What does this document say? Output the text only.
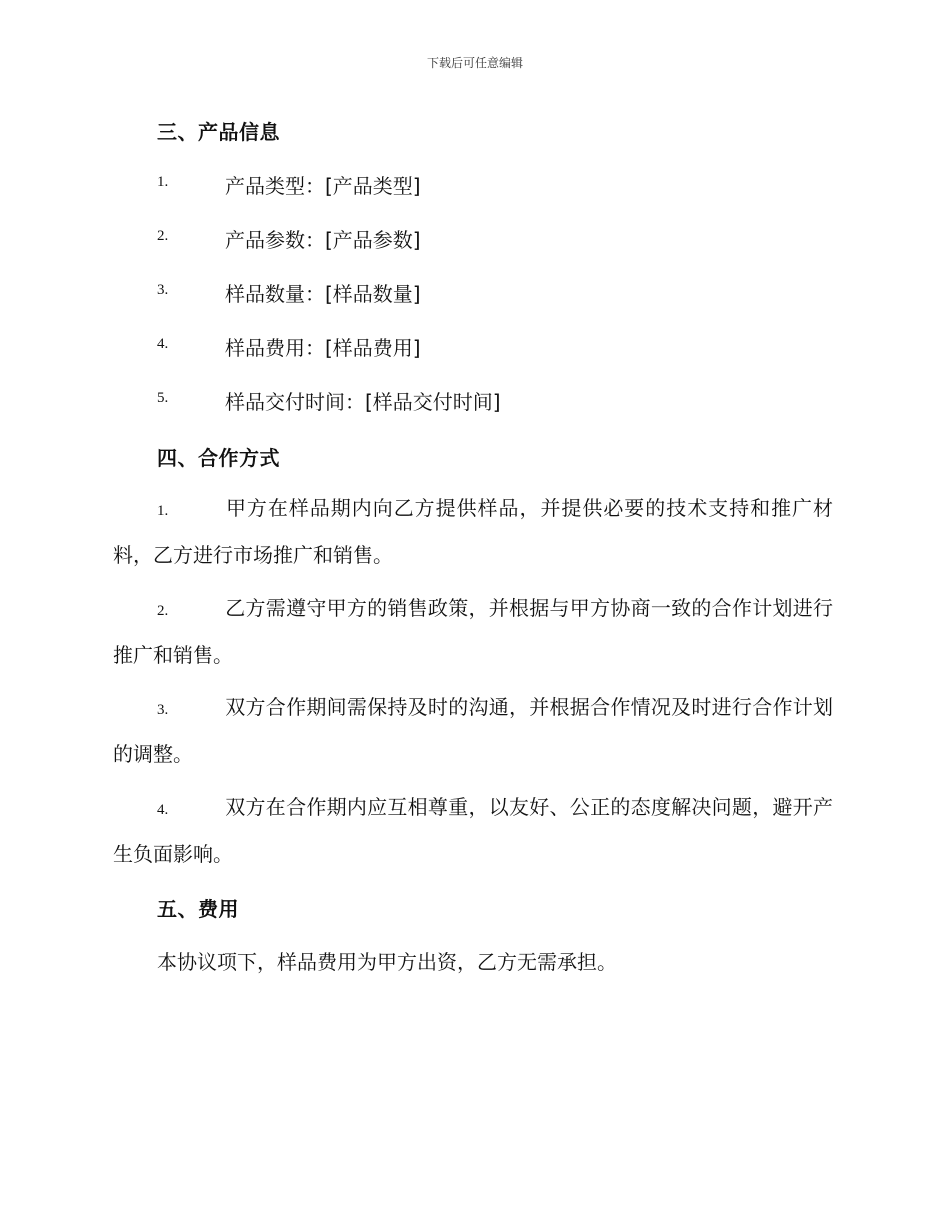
下载后可任意编辑
三、产品信息
1.	产品类型：[产品类型]
2.	产品参数：[产品参数]
3.	样品数量：[样品数量]
4.	样品费用：[样品费用]
5.	样品交付时间：[样品交付时间]
四、合作方式
1.	甲方在样品期内向乙方提供样品，并提供必要的技术支持和推广材料，乙方进行市场推广和销售。
2.	乙方需遵守甲方的销售政策，并根据与甲方协商一致的合作计划进行推广和销售。
3.	双方合作期间需保持及时的沟通，并根据合作情况及时进行合作计划的调整。
4.	双方在合作期内应互相尊重，以友好、公正的态度解决问题，避开产生负面影响。
五、费用
本协议项下，样品费用为甲方出资，乙方无需承担。
